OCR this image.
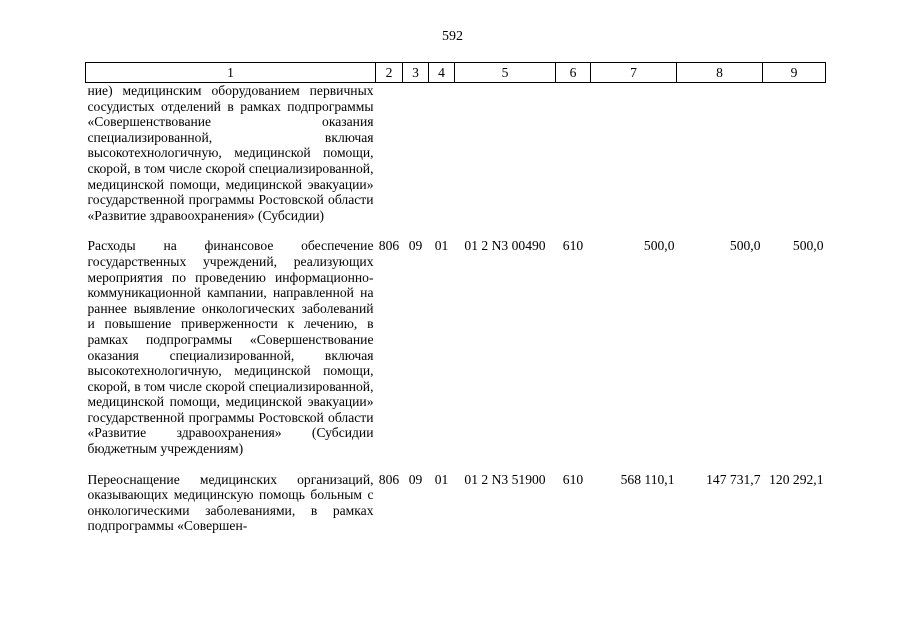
592
1	2	3	4	5	6	7	8	9
ние) медицинским оборудованием первичных сосудистых отделений в рамках подпрограммы «Совершенствование оказания специализированной, включая высокотехнологичную, медицинской помощи, скорой, в том числе скорой специализированной, медицинской помощи, медицинской эвакуации» государственной программы Ростовской области «Развитие здравоохранения» (Субсидии)								
Расходы на финансовое обеспечение государственных учреждений, реализующих мероприятия по проведению информационно-коммуникационной кампании, направленной на раннее выявление онкологических заболеваний и повышение приверженности к лечению, в рамках подпрограммы «Совершенствование оказания специализированной, включая высокотехнологичную, медицинской помощи, скорой, в том числе скорой специализированной, медицинской помощи, медицинской эвакуации» государственной программы Ростовской области «Развитие здравоохранения» (Субсидии бюджетным учреждениям)	806	09	01	01 2 N3 00490	610	500,0	500,0	500,0
Переоснащение медицинских организаций, оказывающих медицинскую помощь больным с онкологическими заболеваниями, в рамках подпрограммы «Совершен-	806	09	01	01 2 N3 51900	610	568 110,1	147 731,7	120 292,1
